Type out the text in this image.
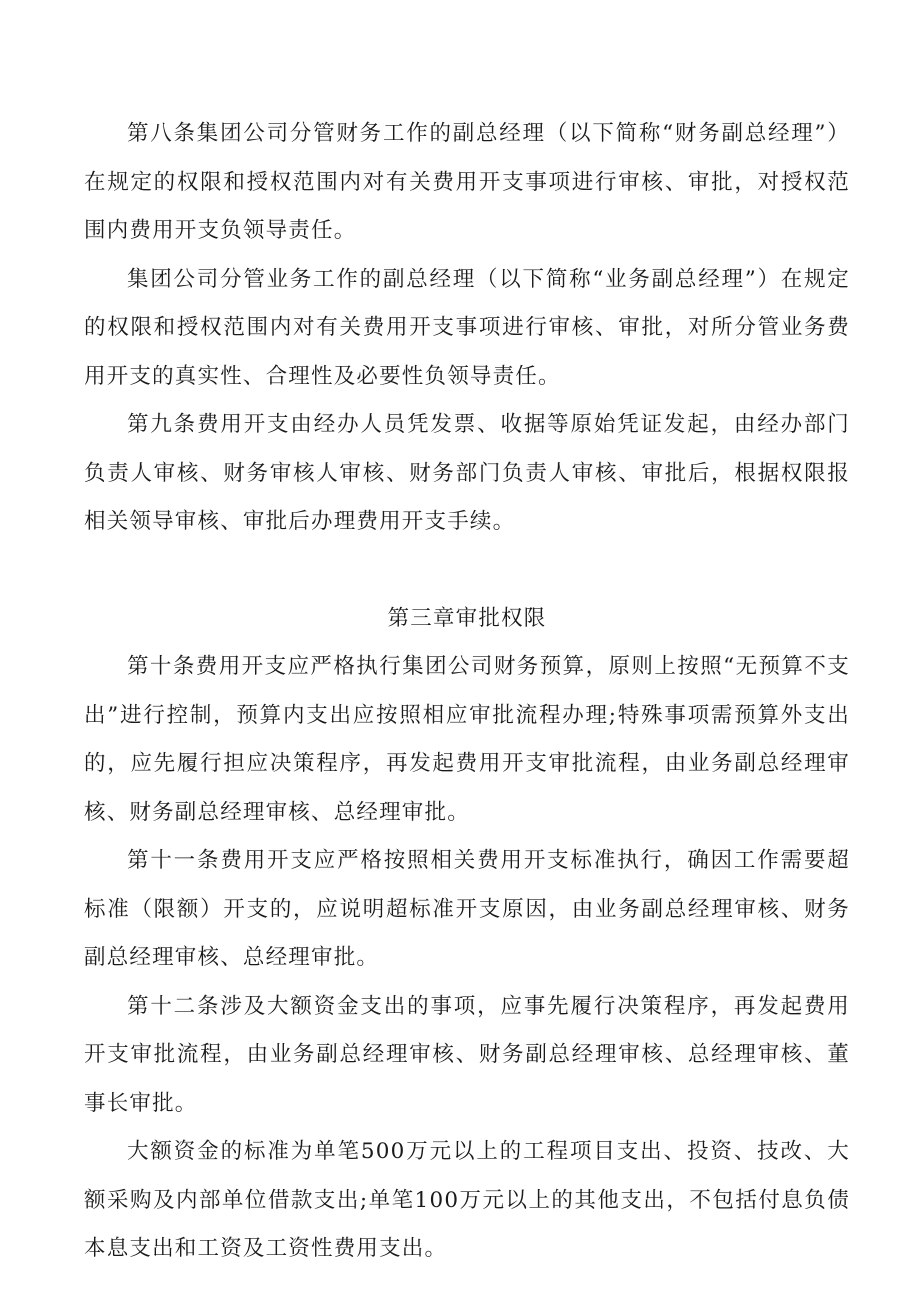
第八条集团公司分管财务工作的副总经理（以下简称“财务副总经理”）在规定的权限和授权范围内对有关费用开支事项进行审核、审批，对授权范围内费用开支负领导责任。

集团公司分管业务工作的副总经理（以下简称“业务副总经理”）在规定的权限和授权范围内对有关费用开支事项进行审核、审批，对所分管业务费用开支的真实性、合理性及必要性负领导责任。

第九条费用开支由经办人员凭发票、收据等原始凭证发起，由经办部门负责人审核、财务审核人审核、财务部门负责人审核、审批后，根据权限报相关领导审核、审批后办理费用开支手续。

第三章审批权限

第十条费用开支应严格执行集团公司财务预算，原则上按照“无预算不支出”进行控制，预算内支出应按照相应审批流程办理;特殊事项需预算外支出的，应先履行担应决策程序，再发起费用开支审批流程，由业务副总经理审核、财务副总经理审核、总经理审批。

第十一条费用开支应严格按照相关费用开支标准执行，确因工作需要超标准（限额）开支的，应说明超标准开支原因，由业务副总经理审核、财务副总经理审核、总经理审批。

第十二条涉及大额资金支出的事项，应事先履行决策程序，再发起费用开支审批流程，由业务副总经理审核、财务副总经理审核、总经理审核、董事长审批。

大额资金的标准为单笔500万元以上的工程项目支出、投资、技改、大额采购及内部单位借款支出;单笔100万元以上的其他支出，不包括付息负债本息支出和工资及工资性费用支出。
